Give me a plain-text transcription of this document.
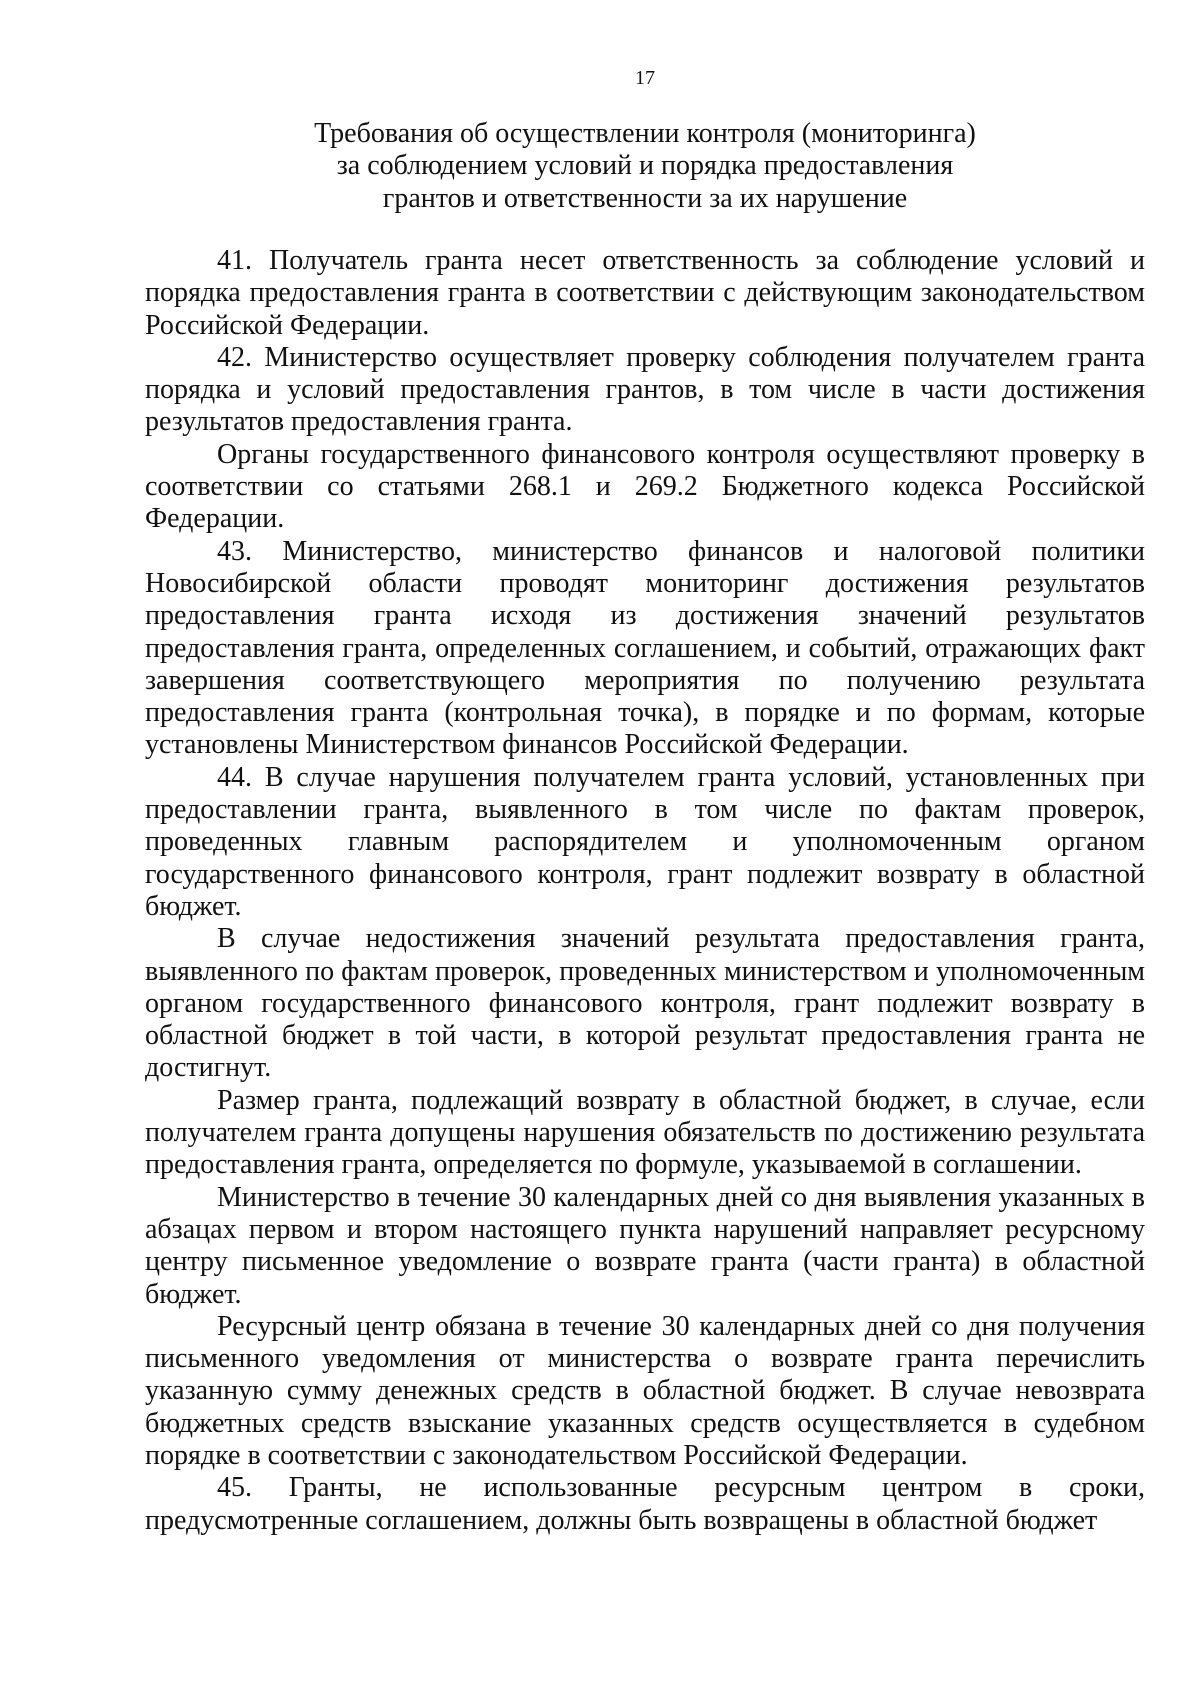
17
Требования об осуществлении контроля (мониторинга)
за соблюдением условий и порядка предоставления
грантов и ответственности за их нарушение

41. Получатель гранта несет ответственность за соблюдение условий и порядка предоставления гранта в соответствии с действующим законодательством Российской Федерации.

42. Министерство осуществляет проверку соблюдения получателем гранта порядка и условий предоставления грантов, в том числе в части достижения результатов предоставления гранта.

Органы государственного финансового контроля осуществляют проверку в соответствии со статьями 268.1 и 269.2 Бюджетного кодекса Российской Федерации.

43. Министерство, министерство финансов и налоговой политики Новосибирской области проводят мониторинг достижения результатов предоставления гранта исходя из достижения значений результатов предоставления гранта, определенных соглашением, и событий, отражающих факт завершения соответствующего мероприятия по получению результата предоставления гранта (контрольная точка), в порядке и по формам, которые установлены Министерством финансов Российской Федерации.

44. В случае нарушения получателем гранта условий, установленных при предоставлении гранта, выявленного в том числе по фактам проверок, проведенных главным распорядителем и уполномоченным органом государственного финансового контроля, грант подлежит возврату в областной бюджет.

В случае недостижения значений результата предоставления гранта, выявленного по фактам проверок, проведенных министерством и уполномоченным органом государственного финансового контроля, грант подлежит возврату в областной бюджет в той части, в которой результат предоставления гранта не достигнут.

Размер гранта, подлежащий возврату в областной бюджет, в случае, если получателем гранта допущены нарушения обязательств по достижению результата предоставления гранта, определяется по формуле, указываемой в соглашении.

Министерство в течение 30 календарных дней со дня выявления указанных в абзацах первом и втором настоящего пункта нарушений направляет ресурсному центру письменное уведомление о возврате гранта (части гранта) в областной бюджет.

Ресурсный центр обязана в течение 30 календарных дней со дня получения письменного уведомления от министерства о возврате гранта перечислить указанную сумму денежных средств в областной бюджет. В случае невозврата бюджетных средств взыскание указанных средств осуществляется в судебном порядке в соответствии с законодательством Российской Федерации.

45. Гранты, не использованные ресурсным центром в сроки, предусмотренные соглашением, должны быть возвращены в областной бюджет
